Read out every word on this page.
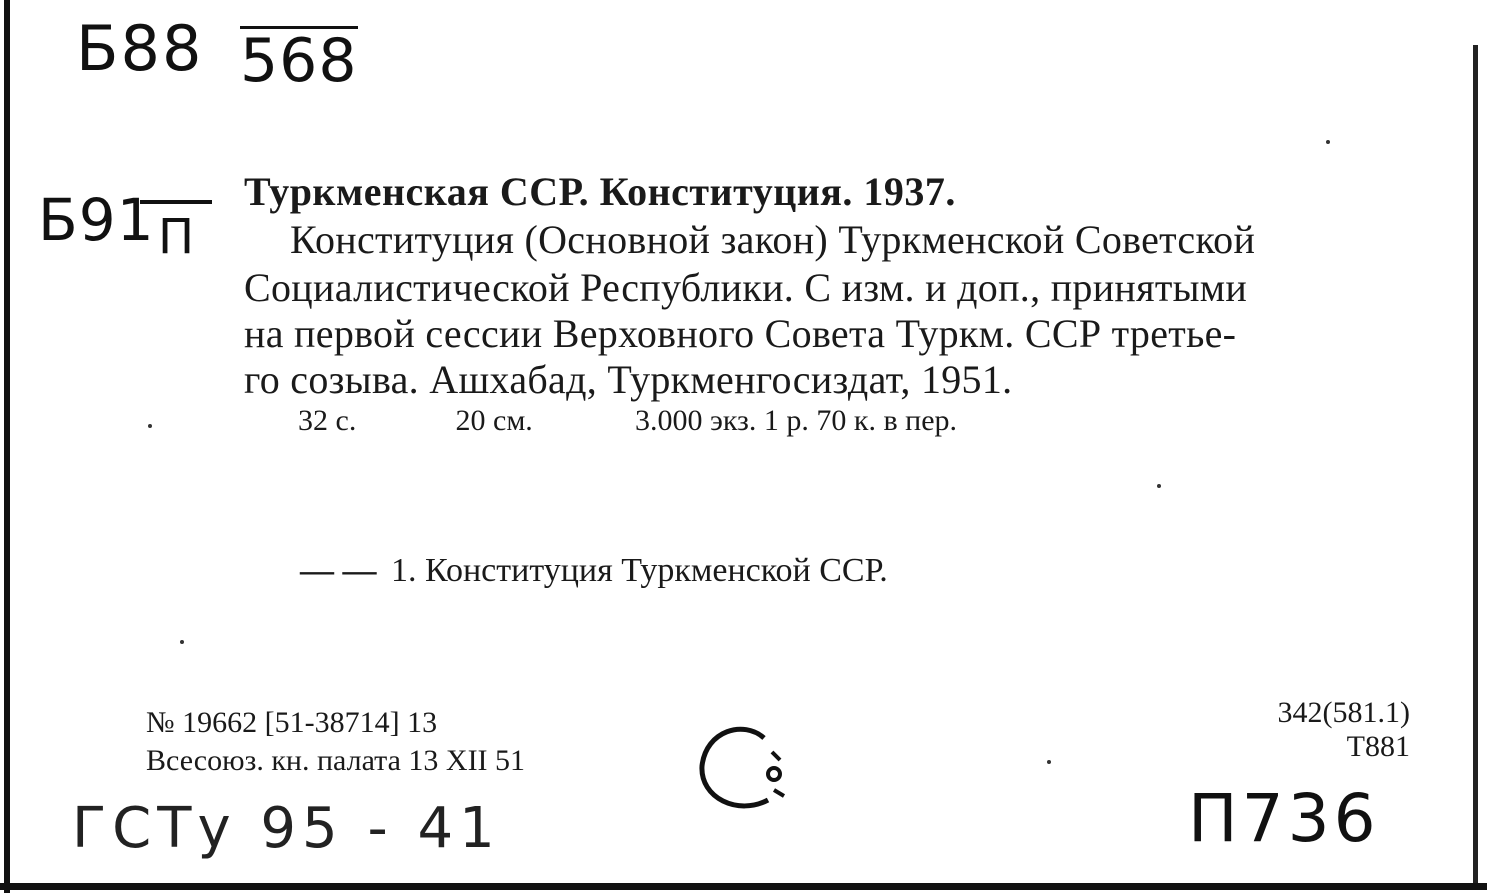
Б88 568
Б91 П
Туркменская ССР. Конституция. 1937.
Конституция (Основной закон) Туркменской Советской
Социалистической Республики. С изм. и доп., принятыми
на первой сессии Верховного Совета Туркм. ССР третье-
го созыва. Ашхабад, Туркменгосиздат, 1951.
32 с.	20 см.	3.000 экз. 1 р. 70 к. в пер.
— — 1. Конституция Туркменской ССР.
№ 19662 [51-38714] 13
Всесоюз. кн. палата 13 XII 51
342(581.1)
Т881
ГСТу 95 - 41	П736
